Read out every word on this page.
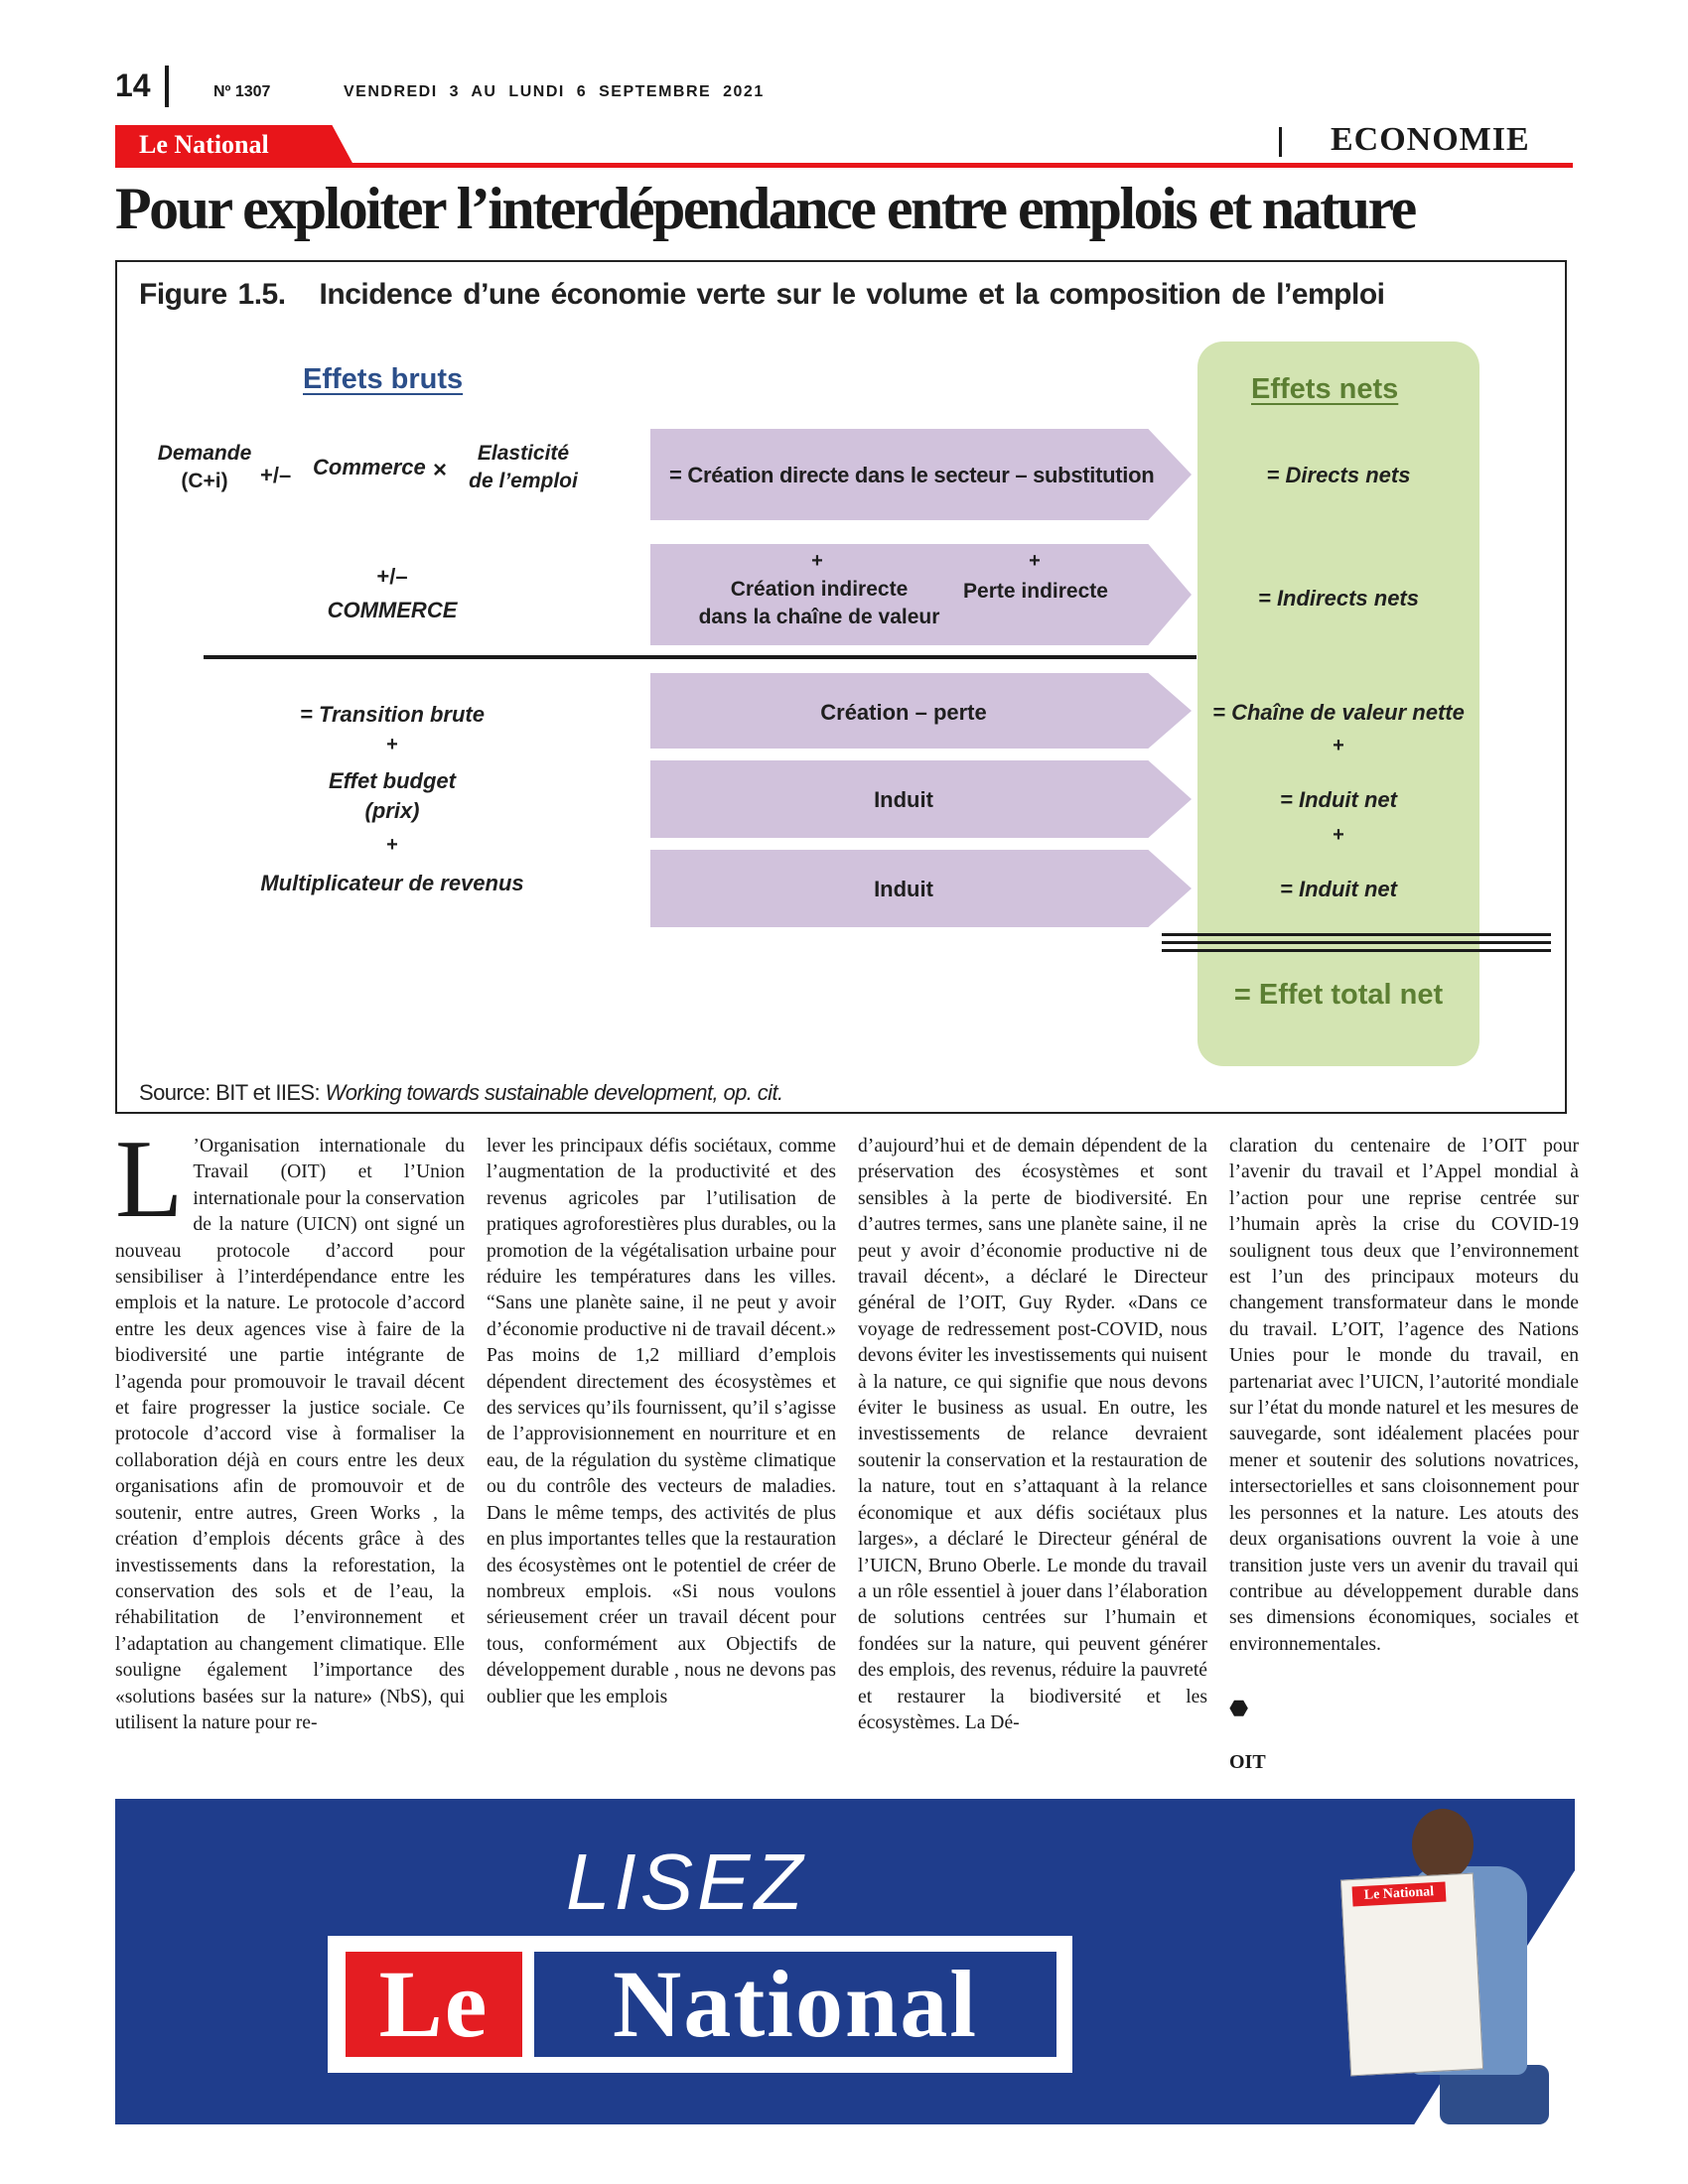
14	Nº 1307	VENDREDI 3 AU LUNDI 6 SEPTEMBRE 2021
Le National	ECONOMIE
Pour exploiter l’interdépendance entre emplois et nature
Figure 1.5. Incidence d’une économie verte sur le volume et la composition de l’emploi
Effets bruts	Effets nets
Demande
(C+i)	+/– Commerce ×
Elasticité
de l’emploi
+/–
COMMERCE
= Transition brute
+
Effet budget
(prix)
+
Multiplicateur de revenus
= Création directe dans le secteur – substitution
+
Création indirecte
dans la chaîne de valeur
+
Perte indirecte
Création – perte
Induit
Induit
= Directs nets
= Indirects nets
= Chaîne de valeur nette
+
= Induit net
+
= Induit net
= Effet total net
Source: BIT et IIES: Working towards sustainable development, op. cit.
L ’Organisation internationale du Travail (OIT) et l’Union internationale pour la conservation de la nature (UICN) ont signé un nouveau protocole d’accord pour sensibiliser à l’interdépendance entre les emplois et la nature. Le protocole d’accord entre les deux agences vise à faire de la biodiversité une partie intégrante de l’agenda pour promouvoir le travail décent et faire progresser la justice sociale. Ce protocole d’accord vise à formaliser la collaboration déjà en cours entre les deux organisations afin de promouvoir et de soutenir, entre autres, Green Works , la création d’emplois décents grâce à des investissements dans la reforestation, la conservation des sols et de l’eau, la réhabilitation de l’environnement et l’adaptation au changement climatique. Elle souligne également l’importance des «solutions basées sur la nature» (NbS), qui utilisent la nature pour re-
lever les principaux défis sociétaux, comme l’augmentation de la productivité et des revenus agricoles par l’utilisation de pratiques agroforestières plus durables, ou la promotion de la végétalisation urbaine pour réduire les températures dans les villes. “Sans une planète saine, il ne peut y avoir d’économie productive ni de travail décent.» Pas moins de 1,2 milliard d’emplois dépendent directement des écosystèmes et des services qu’ils fournissent, qu’il s’agisse de l’approvisionnement en nourriture et en eau, de la régulation du système climatique ou du contrôle des vecteurs de maladies. Dans le même temps, des activités de plus en plus importantes telles que la restauration des écosystèmes ont le potentiel de créer de nombreux emplois. «Si nous voulons sérieusement créer un travail décent pour tous, conformément aux Objectifs de développement durable , nous ne devons pas oublier que les emplois
d’aujourd’hui et de demain dépendent de la préservation des écosystèmes et sont sensibles à la perte de biodiversité. En d’autres termes, sans une planète saine, il ne peut y avoir d’économie productive ni de travail décent», a déclaré le Directeur général de l’OIT, Guy Ryder. «Dans ce voyage de redressement post-COVID, nous devons éviter les investissements qui nuisent à la nature, ce qui signifie que nous devons éviter le business as usual. En outre, les investissements de relance devraient soutenir la conservation et la restauration de la nature, tout en s’attaquant à la relance économique et aux défis sociétaux plus larges», a déclaré le Directeur général de l’UICN, Bruno Oberle. Le monde du travail a un rôle essentiel à jouer dans l’élaboration de solutions centrées sur l’humain et fondées sur la nature, qui peuvent générer des emplois, des revenus, réduire la pauvreté et restaurer la biodiversité et les écosystèmes. La Dé-
claration du centenaire de l’OIT pour l’avenir du travail et l’Appel mondial à l’action pour une reprise centrée sur l’humain après la crise du COVID-19 soulignent tous deux que l’environnement est l’un des principaux moteurs du changement transformateur dans le monde du travail. L’OIT, l’agence des Nations Unies pour le monde du travail, en partenariat avec l’UICN, l’autorité mondiale sur l’état du monde naturel et les mesures de sauvegarde, sont idéalement placées pour mener et soutenir des solutions novatrices, intersectorielles et sans cloisonnement pour les personnes et la nature. Les atouts des deux organisations ouvrent la voie à une transition juste vers un avenir du travail qui contribue au développement durable dans ses dimensions économiques, sociales et environnementales.
⬣
OIT
LISEZ
Le	National
Le National
